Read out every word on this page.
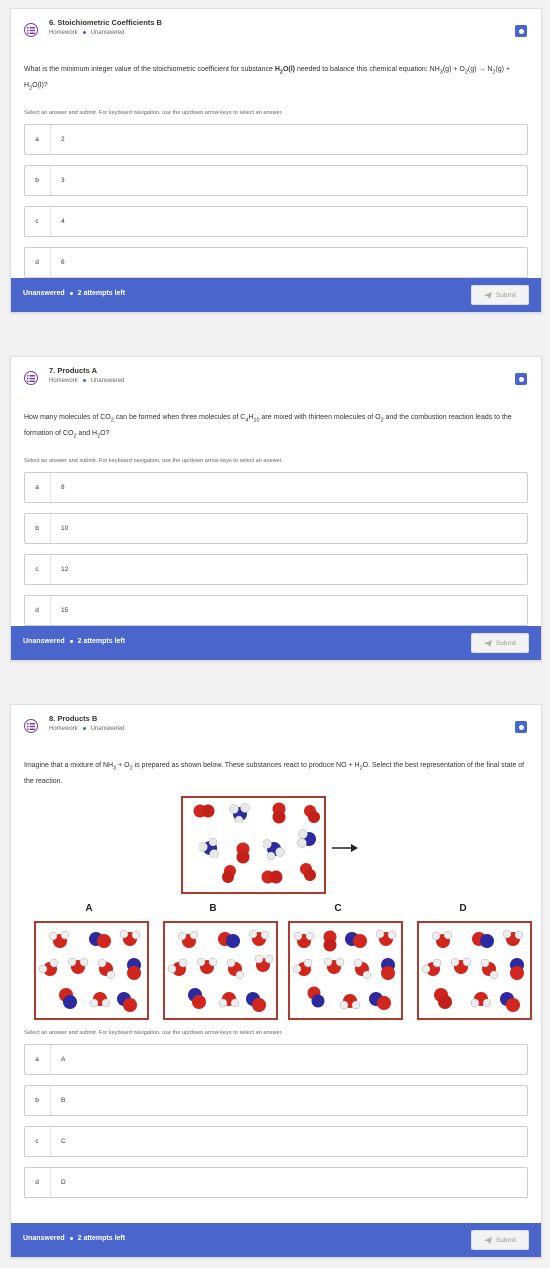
6. Stoichiometric Coefficients B
Homework Unanswered
What is the minimum integer value of the stoichiometric coefficient for substance $H_2O(l)$ needed to balance this chemical equation: $NH_3(g) + O_2(g) \to N_2(g) + H_2O(l)$?
Select an answer and submit. For keyboard navigation, use the up/down arrow keys to select an answer.
a	2
b	3
c	4
d	6
Unanswered 2 attempts left	Submit
7. Products A
Homework Unanswered
How many molecules of $CO_2$ can be formed when three molecules of $C_4H_{10}$ are mixed with thirteen molecules of $O_2$ and the combustion reaction leads to the formation of $CO_2$ and $H_2O$?
Select an answer and submit. For keyboard navigation, use the up/down arrow keys to select an answer.
a	8
b	10
c	12
d	15
Unanswered 2 attempts left	Submit
8. Products B
Homework Unanswered
Imagine that a mixture of $NH_3 + O_2$ is prepared as shown below. These substances react to produce NO + $H_2O$. Select the best representation of the final state of the reaction.
A	B	C	D
Select an answer and submit. For keyboard navigation, use the up/down arrow keys to select an answer.
a	A
b	B
c	C
d	D
Unanswered 2 attempts left	Submit
